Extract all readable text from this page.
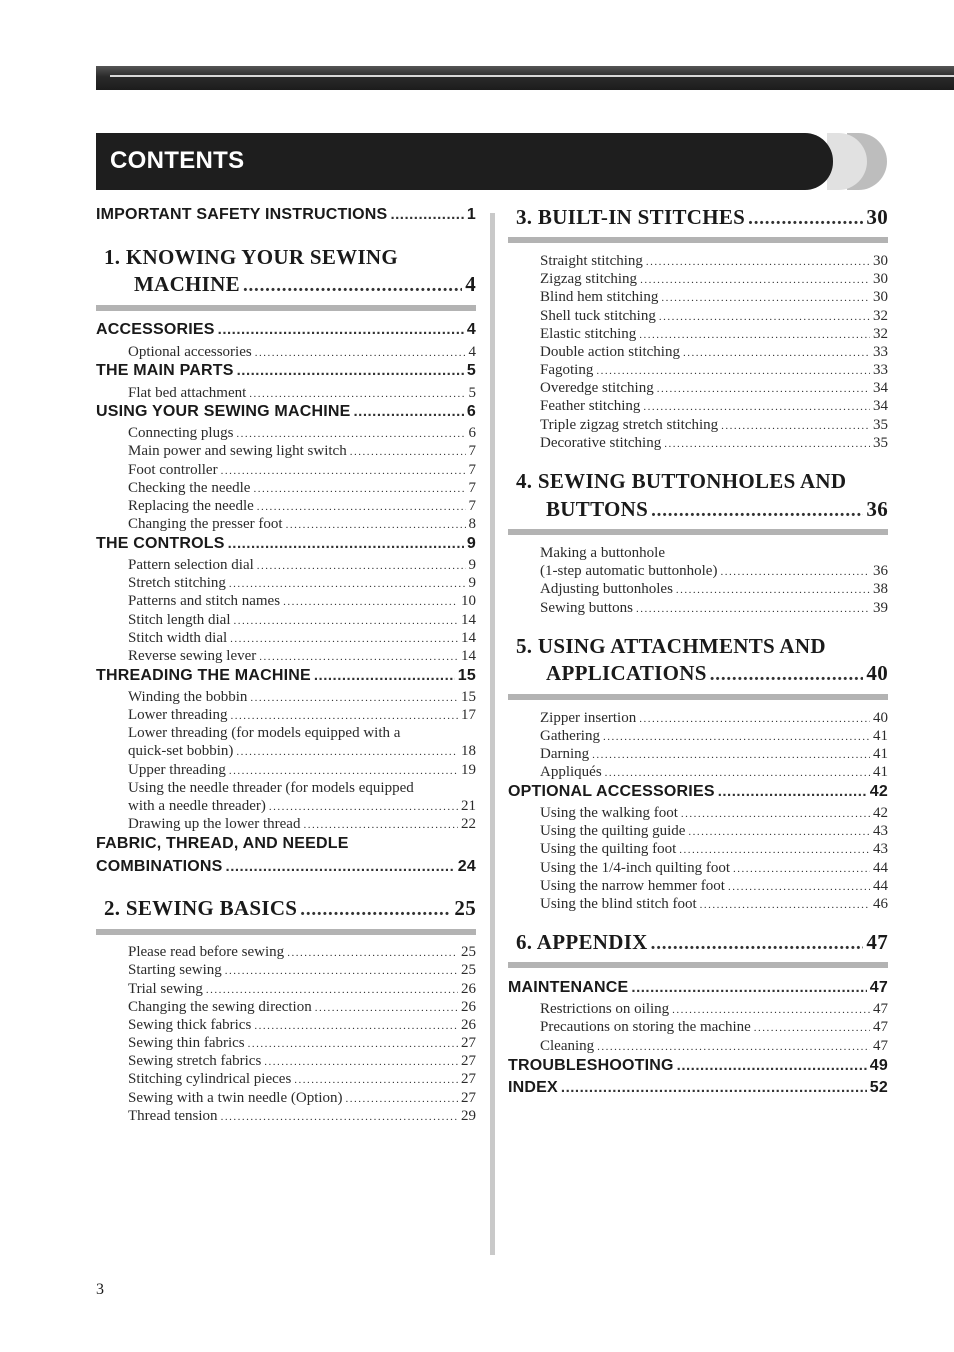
CONTENTS
IMPORTANT SAFETY INSTRUCTIONS .....	1
1. KNOWING YOUR SEWING
MACHINE .....	4
ACCESSORIES .....	4
Optional accessories .....	4
THE MAIN PARTS .....	5
Flat bed attachment .....	5
USING YOUR SEWING MACHINE .....	6
Connecting plugs .....	6
Main power and sewing light switch .....	7
Foot controller .....	7
Checking the needle .....	7
Replacing the needle .....	7
Changing the presser foot .....	8
THE CONTROLS .....	9
Pattern selection dial .....	9
Stretch stitching .....	9
Patterns and stitch names .....	10
Stitch length dial .....	14
Stitch width dial .....	14
Reverse sewing lever .....	14
THREADING THE MACHINE .....	15
Winding the bobbin .....	15
Lower threading .....	17
Lower threading (for models equipped with a
quick-set bobbin) .....	18
Upper threading .....	19
Using the needle threader (for models equipped
with a needle threader) .....	21
Drawing up the lower thread .....	22
FABRIC, THREAD, AND NEEDLE
COMBINATIONS .....	24
2. SEWING BASICS .....	25
Please read before sewing .....	25
Starting sewing .....	25
Trial sewing .....	26
Changing the sewing direction .....	26
Sewing thick fabrics .....	26
Sewing thin fabrics .....	27
Sewing stretch fabrics .....	27
Stitching cylindrical pieces .....	27
Sewing with a twin needle (Option) .....	27
Thread tension .....	29
3. BUILT-IN STITCHES .....	30
Straight stitching .....	30
Zigzag stitching .....	30
Blind hem stitching .....	30
Shell tuck stitching .....	32
Elastic stitching .....	32
Double action stitching .....	33
Fagoting .....	33
Overedge stitching .....	34
Feather stitching .....	34
Triple zigzag stretch stitching .....	35
Decorative stitching .....	35
4. SEWING BUTTONHOLES AND
BUTTONS .....	36
Making a buttonhole
(1-step automatic buttonhole) .....	36
Adjusting buttonholes .....	38
Sewing buttons .....	39
5. USING ATTACHMENTS AND
APPLICATIONS .....	40
Zipper insertion .....	40
Gathering .....	41
Darning .....	41
Appliqués .....	41
OPTIONAL ACCESSORIES .....	42
Using the walking foot .....	42
Using the quilting guide .....	43
Using the quilting foot .....	43
Using the 1/4-inch quilting foot .....	44
Using the narrow hemmer foot .....	44
Using the blind stitch foot .....	46
6. APPENDIX .....	47
MAINTENANCE .....	47
Restrictions on oiling .....	47
Precautions on storing the machine .....	47
Cleaning .....	47
TROUBLESHOOTING .....	49
INDEX .....	52
3
